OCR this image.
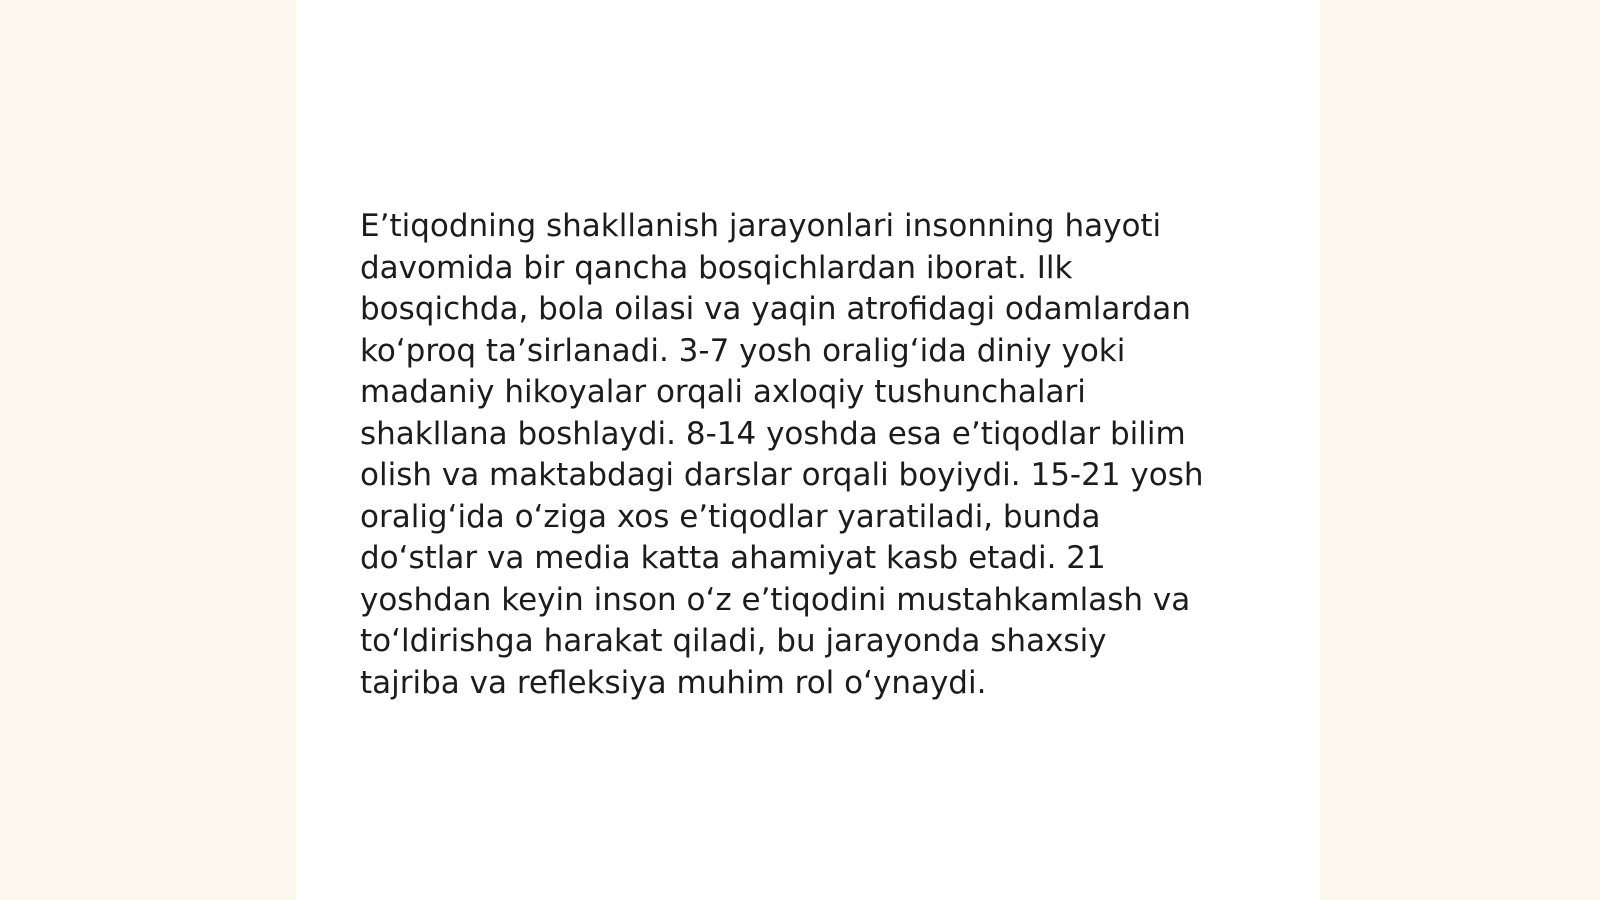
E’tiqodning shakllanish jarayonlari insonning hayoti
davomida bir qancha bosqichlardan iborat. Ilk
bosqichda, bola oilasi va yaqin atrofidagi odamlardan
ko‘proq ta’sirlanadi. 3-7 yosh oralig‘ida diniy yoki
madaniy hikoyalar orqali axloqiy tushunchalari
shakllana boshlaydi. 8-14 yoshda esa e’tiqodlar bilim
olish va maktabdagi darslar orqali boyiydi. 15-21 yosh
oralig‘ida o‘ziga xos e’tiqodlar yaratiladi, bunda
do‘stlar va media katta ahamiyat kasb etadi. 21
yoshdan keyin inson o‘z e’tiqodini mustahkamlash va
to‘ldirishga harakat qiladi, bu jarayonda shaxsiy
tajriba va refleksiya muhim rol o‘ynaydi.
